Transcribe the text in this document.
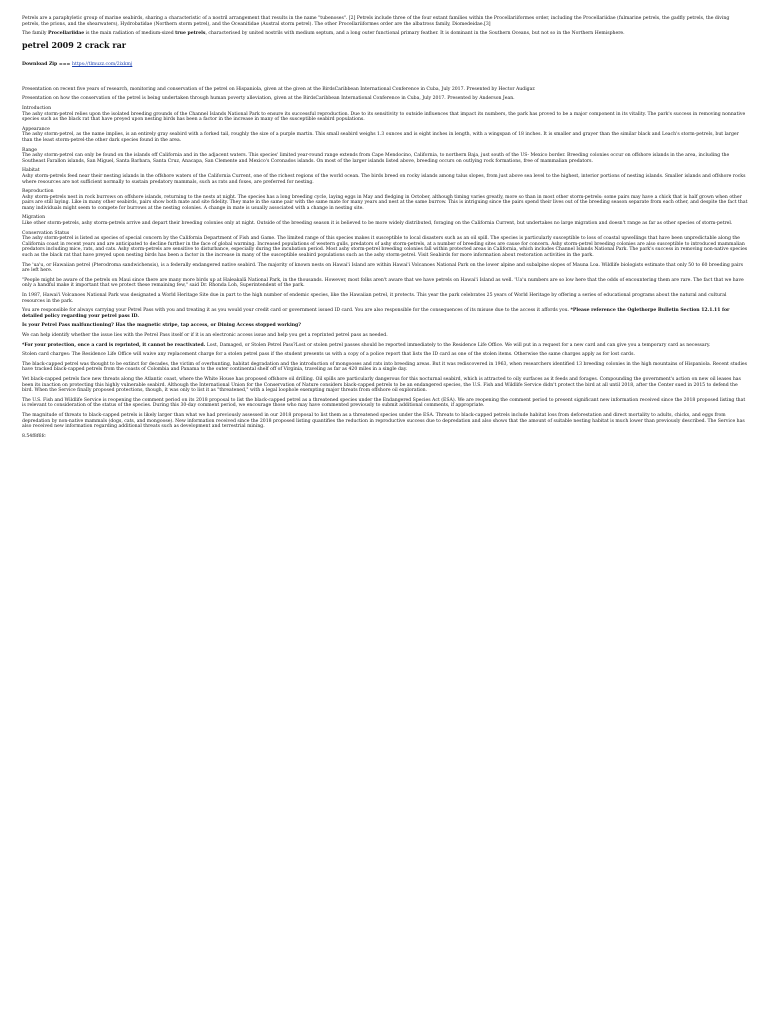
Petrels are a paraphyletic group of marine seabirds, sharing a characteristic of a nostril arrangement that results in the name "tubenoses". [2] Petrels include three of the four extant families within the Procellariiformes order, including the Procellariidae (fulmarine petrels, the gadfly petrels, the diving petrels, the prions, and the shearwaters), Hydrobatidae (Northern storm petrel), and the Oceanitidae (Austral storm petrel). The other Procellariiformes order are the albatross family, Diomedeidae.[3]

The family Procellariidae is the main radiation of medium-sized true petrels, characterised by united nostrils with medium septum, and a long outer functional primary feather. It is dominant in the Southern Oceans, but not so in the Northern Hemisphere.

petrel 2009 2 crack rar
Download Zip === https://tlmuzz.com/2ixkmj

Presentation on recent five years of research, monitoring and conservation of the petrel on Hispaniola, given at the given at the BirdsCaribbean International Conference in Cuba, July 2017. Presented by Hector Audigar.

Presentation on how the conservation of the petrel is being undertaken through human poverty alleviation, given at the BirdsCaribbean International Conference in Cuba, July 2017. Presented by Anderson Jean.

Introduction

The ashy storm-petrel relies upon the isolated breeding grounds of the Channel Islands National Park to ensure its successful reproduction. Due to its sensitivity to outside influences that impact its numbers, the park has proved to be a major component in its vitality. The park's success in removing nonnative species such as the black rat that have preyed upon nesting birds has been a factor in the increase in many of the susceptible seabird populations.

Appearance

The ashy storm-petrel, as the name implies, is an entirely gray seabird with a forked tail, roughly the size of a purple martin. This small seabird weighs 1.3 ounces and is eight inches in length, with a wingspan of 18 inches. It is smaller and grayer than the similar black and Leach's storm-petrels, but larger than the least storm-petrel-the other dark species found in the area.

Range

The ashy storm-petrel can only be found on the islands off California and in the adjacent waters. This species' limited year-round range extends from Cape Mendocino, California, to northern Baja, just south of the US- Mexico border. Breeding colonies occur on offshore islands in the area, including the Southeast Farallon islands, San Miguel, Santa Barbara, Santa Cruz, Anacapa, San Clemente and Mexico's Coronados islands. On most of the larger islands listed above, breeding occurs on outlying rock formations, free of mammalian predators.

Habitat

Ashy storm-petrels feed near their nesting islands in the offshore waters of the California Current, one of the richest regions of the world ocean. The birds breed on rocky islands among talus slopes, from just above sea level to the highest, interior portions of nesting islands. Smaller islands and offshore rocks where resources are not sufficient normally to sustain predatory mammals, such as rats and foxes, are preferred for nesting.

Reproduction

Ashy storm-petrels nest in rock burrows on offshore islands, returning to the nests at night. The species has a long breeding cycle, laying eggs in May and fledging in October, although timing varies greatly, more so than in most other storm-petrels: some pairs may have a chick that is half grown when other pairs are still laying. Like in many other seabirds, pairs show both mate and site fidelity. They mate in the same pair with the same mate for many years and nest at the same burrow. This is intriguing since the pairs spend their lives out of the breeding season separate from each other, and despite the fact that many individuals might seem to compete for burrows at the nesting colonies. A change in mate is usually associated with a change in nesting site.

Migration

Like other storm-petrels, ashy storm-petrels arrive and depart their breeding colonies only at night. Outside of the breeding season it is believed to be more widely distributed, foraging on the California Current, but undertakes no large migration and doesn't range as far as other species of storm-petrel.

Conservation Status

The ashy storm-petrel is listed as species of special concern by the California Department of Fish and Game. The limited range of this species makes it susceptible to local disasters such as an oil spill. The species is particularly susceptible to loss of coastal upwellings that have been unpredictable along the California coast in recent years and are anticipated to decline further in the face of global warming. Increased populations of western gulls, predators of ashy storm-petrels, at a number of breeding sites are cause for concern. Ashy storm-petrel breeding colonies are also susceptible to introduced mammalian predators including mice, rats, and cats. Ashy storm-petrels are sensitive to disturbance, especially during the incubation period. Most ashy storm-petrel breeding colonies fall within protected areas in California, which includes Channel Islands National Park. The park's success in removing non-native species such as the black rat that have preyed upon nesting birds has been a factor in the increase in many of the susceptible seabird populations such as the ashy storm-petrel. Visit Seabirds for more information about restoration activities in the park.

The 'ua'u, or Hawaiian petrel (Pterodroma sandwichensis), is a federally endangered native seabird. The majority of known nests on Hawai'i Island are within Hawai'i Volcanoes National Park on the lower alpine and subalpine slopes of Mauna Loa. Wildlife biologists estimate that only 50 to 60 breeding pairs are left here.

"People might be aware of the petrels on Maui since there are many more birds up at Haleakalā National Park, in the thousands. However, most folks aren't aware that we have petrels on Hawai'i Island as well. 'Ua'u numbers are so low here that the odds of encountering them are rare. The fact that we have only a handful make it important that we protect these remaining few," said Dr. Rhonda Loh, Superintendent of the park.

In 1987, Hawai'i Volcanoes National Park was designated a World Heritage Site due in part to the high number of endemic species, like the Hawaiian petrel, it protects. This year the park celebrates 25 years of World Heritage by offering a series of educational programs about the natural and cultural resources in the park.

You are responsible for always carrying your Petrel Pass with you and treating it as you would your credit card or government issued ID card. You are also responsible for the consequences of its misuse due to the access it affords you. *Please reference the Oglethorpe Bulletin Section 12.1.11 for detailed policy regarding your petrel pass ID.

Is your Petrel Pass malfunctioning? Has the magnetic stripe, tap access, or Dining Access stopped working?

We can help identify whether the issue lies with the Petrel Pass itself or if it is an electronic access issue and help you get a reprinted petrel pass as needed.

*For your protection, once a card is reprinted, it cannot be reactivated. Lost, Damaged, or Stolen Petrel Pass?Lost or stolen petrel passes should be reported immediately to the Residence Life Office. We will put in a request for a new card and can give you a temporary card as necessary.

Stolen card charges: The Residence Life Office will waive any replacement charge for a stolen petrel pass if the student presents us with a copy of a police report that lists the ID card as one of the stolen items. Otherwise the same charges apply as for lost cards.

The black-capped petrel was thought to be extinct for decades, the victim of overhunting, habitat degradation and the introduction of mongooses and rats into breeding areas. But it was rediscovered in 1963, when researchers identified 13 breeding colonies in the high mountains of Hispaniola. Recent studies have tracked black-capped petrels from the coasts of Colombia and Panama to the outer continental shelf off of Virginia, traveling as far as 420 miles in a single day.

Yet black-capped petrels face new threats along the Atlantic coast, where the White House has proposed offshore oil drilling. Oil spills are particularly dangerous for this nocturnal seabird, which is attracted to oily surfaces as it feeds and forages. Compounding the government's action on new oil leases has been its inaction on protecting this highly vulnerable seabird. Although the International Union for the Conservation of Nature considers black-capped petrels to be an endangered species, the U.S. Fish and Wildlife Service didn't protect the bird at all until 2018, after the Center sued in 2015 to defend the bird. When the Service finally proposed protections, though, it was only to list it as "threatened," with a legal loophole exempting major threats from offshore oil exploration.

The U.S. Fish and Wildlife Service is reopening the comment period on its 2018 proposal to list the black-capped petrel as a threatened species under the Endangered Species Act (ESA). We are reopening the comment period to present significant new information received since the 2018 proposed listing that is relevant to consideration of the status of the species. During this 30-day comment period, we encourage those who may have commented previously to submit additional comments, if appropriate.

The magnitude of threats to black-capped petrels is likely larger than what we had previously assessed in our 2018 proposal to list them as a threatened species under the ESA. Threats to black-capped petrels include habitat loss from deforestation and direct mortality to adults, chicks, and eggs from depredation by non-native mammals (dogs, cats, and mongoose). New information received since the 2018 proposed listing quantifies the reduction in reproductive success due to depredation and also shows that the amount of suitable nesting habitat is much lower than previously described. The Service has also received new information regarding additional threats such as development and terrestrial mining.

8.54f8f6fc
